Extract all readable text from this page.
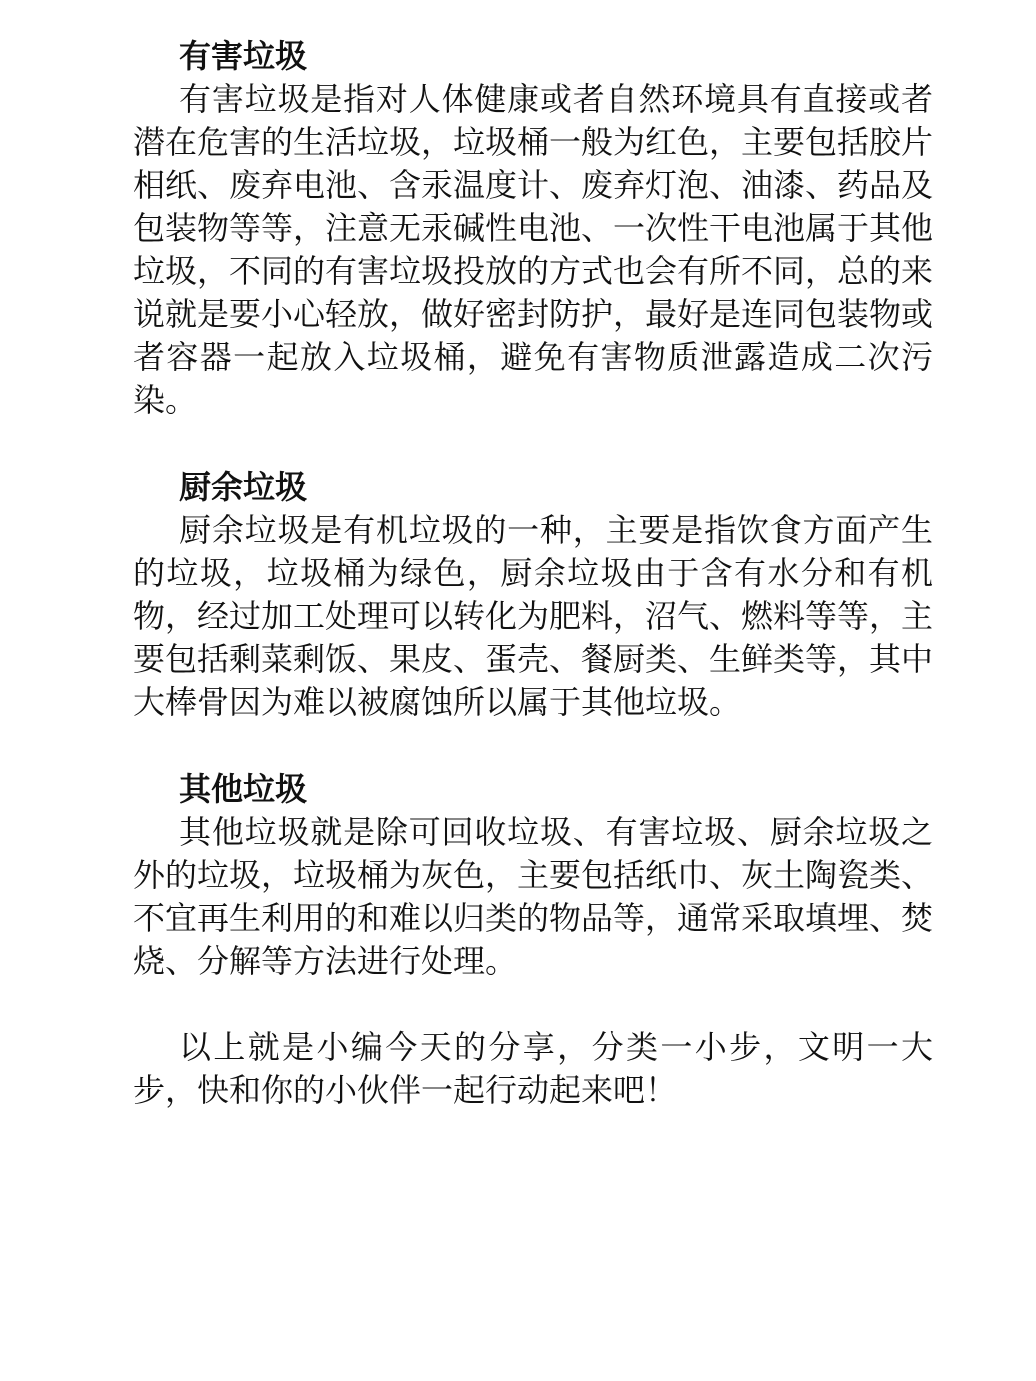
有害垃圾

有害垃圾是指对人体健康或者自然环境具有直接或者潜在危害的生活垃圾，垃圾桶一般为红色，主要包括胶片相纸、废弃电池、含汞温度计、废弃灯泡、油漆、药品及包装物等等，注意无汞碱性电池、一次性干电池属于其他垃圾，不同的有害垃圾投放的方式也会有所不同，总的来说就是要小心轻放，做好密封防护，最好是连同包装物或者容器一起放入垃圾桶，避免有害物质泄露造成二次污染。

厨余垃圾

厨余垃圾是有机垃圾的一种，主要是指饮食方面产生的垃圾，垃圾桶为绿色，厨余垃圾由于含有水分和有机物，经过加工处理可以转化为肥料，沼气、燃料等等，主要包括剩菜剩饭、果皮、蛋壳、餐厨类、生鲜类等，其中大棒骨因为难以被腐蚀所以属于其他垃圾。

其他垃圾

其他垃圾就是除可回收垃圾、有害垃圾、厨余垃圾之外的垃圾，垃圾桶为灰色，主要包括纸巾、灰土陶瓷类、不宜再生利用的和难以归类的物品等，通常采取填埋、焚烧、分解等方法进行处理。

以上就是小编今天的分享，分类一小步，文明一大步，快和你的小伙伴一起行动起来吧！
